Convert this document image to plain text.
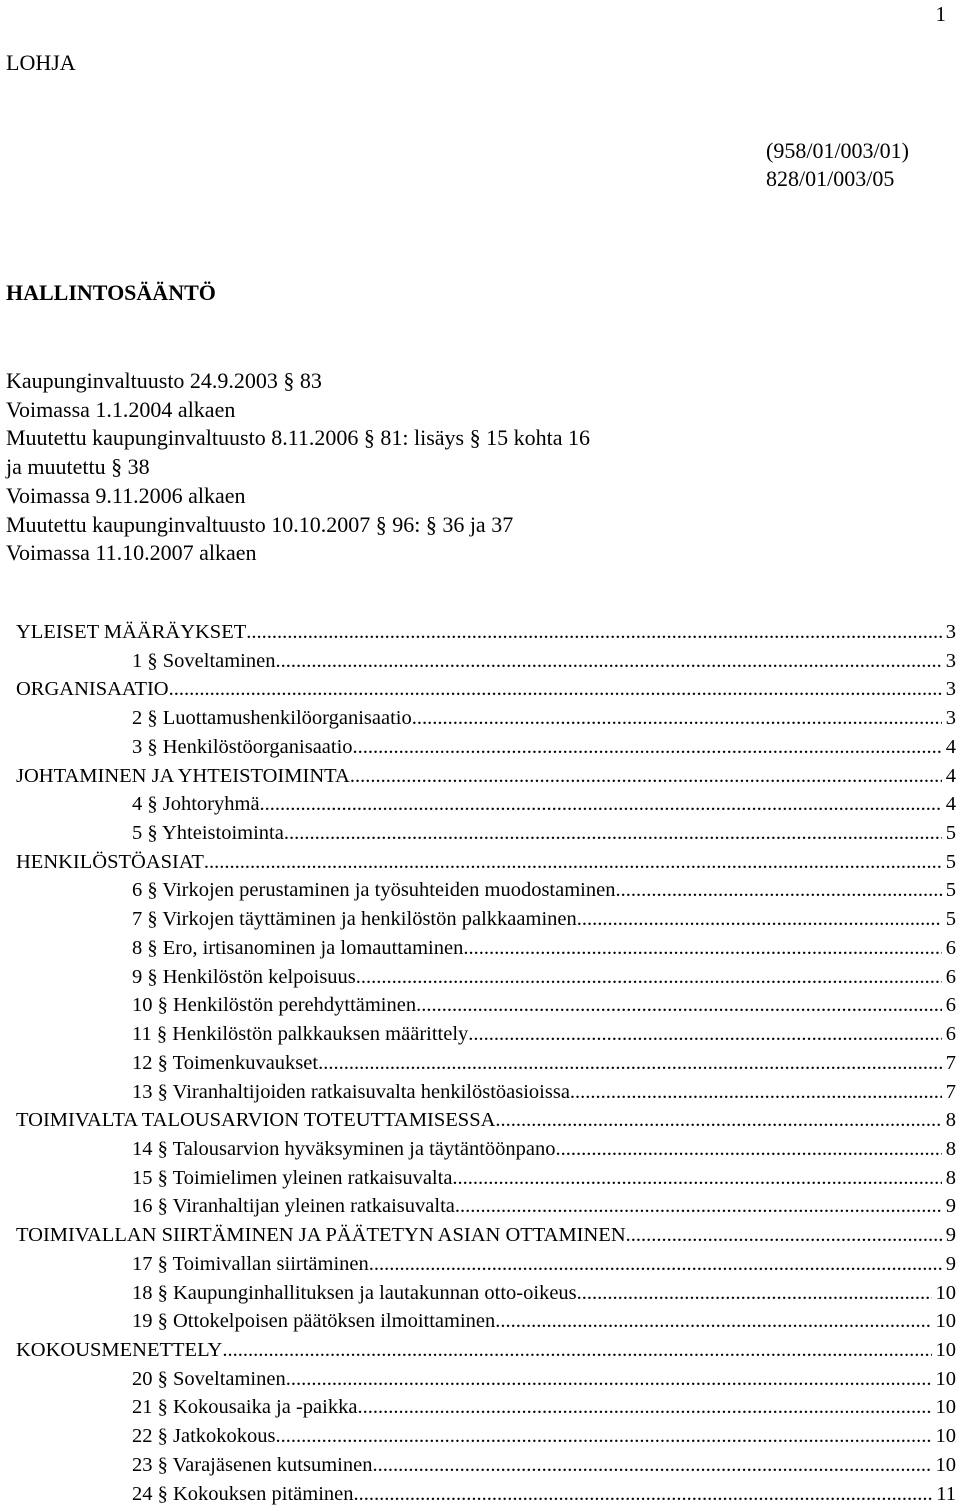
1
LOHJA
(958/01/003/01)
828/01/003/05
HALLINTOSÄÄNTÖ
Kaupunginvaltuusto 24.9.2003 § 83
Voimassa 1.1.2004 alkaen
Muutettu kaupunginvaltuusto 8.11.2006 § 81: lisäys § 15 kohta 16
ja muutettu § 38
Voimassa 9.11.2006 alkaen
Muutettu kaupunginvaltuusto 10.10.2007 § 96: § 36 ja 37
Voimassa 11.10.2007 alkaen
YLEISET MÄÄRÄYKSET .....	3
1 § Soveltaminen .....	3
ORGANISAATIO .....	3
2 § Luottamushenkilöorganisaatio .....	3
3 § Henkilöstöorganisaatio .....	4
JOHTAMINEN JA YHTEISTOIMINTA .....	4
4 § Johtoryhmä .....	4
5 § Yhteistoiminta .....	5
HENKILÖSTÖASIAT .....	5
6 § Virkojen perustaminen ja työsuhteiden muodostaminen .....	5
7 § Virkojen täyttäminen ja henkilöstön palkkaaminen .....	5
8 § Ero, irtisanominen ja lomauttaminen .....	6
9 § Henkilöstön kelpoisuus .....	6
10 § Henkilöstön perehdyttäminen .....	6
11 § Henkilöstön palkkauksen määrittely .....	6
12 § Toimenkuvaukset .....	7
13 § Viranhaltijoiden ratkaisuvalta henkilöstöasioissa .....	7
TOIMIVALTA TALOUSARVION TOTEUTTAMISESSA .....	8
14 § Talousarvion hyväksyminen ja täytäntöönpano .....	8
15 § Toimielimen yleinen ratkaisuvalta .....	8
16 § Viranhaltijan yleinen ratkaisuvalta .....	9
TOIMIVALLAN SIIRTÄMINEN JA PÄÄTETYN ASIAN OTTAMINEN .....	9
17 § Toimivallan siirtäminen .....	9
18 § Kaupunginhallituksen ja lautakunnan otto-oikeus .....	10
19 § Ottokelpoisen päätöksen ilmoittaminen .....	10
KOKOUSMENETTELY .....	10
20 § Soveltaminen .....	10
21 § Kokousaika ja -paikka .....	10
22 § Jatkokokous .....	10
23 § Varajäsenen kutsuminen .....	10
24 § Kokouksen pitäminen .....	11
